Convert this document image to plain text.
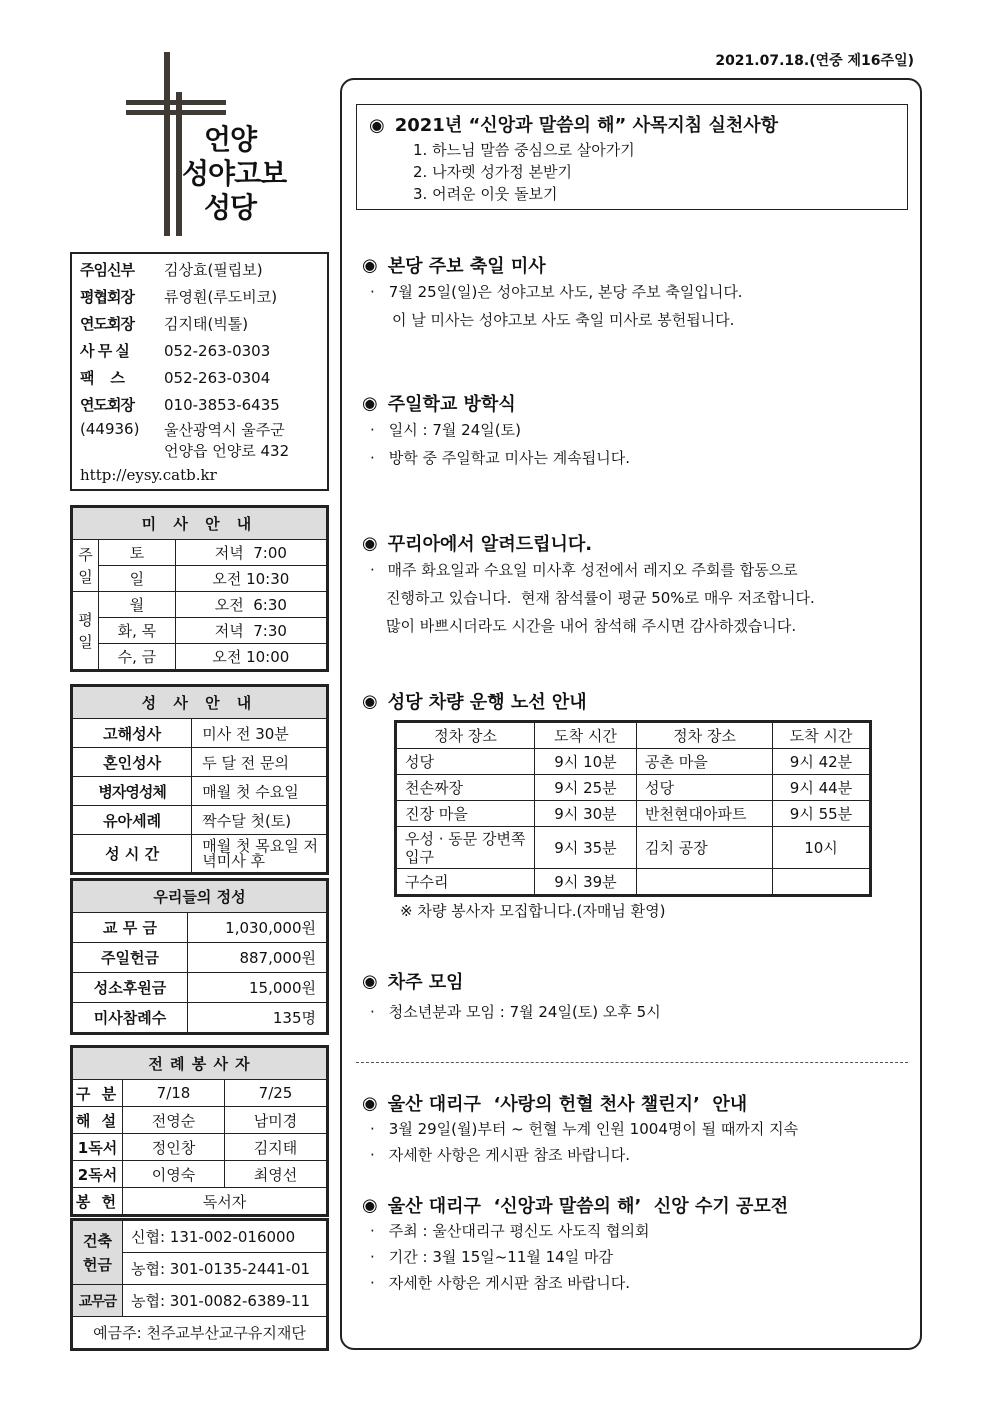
2021.07.18.(연중 제16주일)
언양
성야고보
성당
주임신부	김상효(필립보)
평협회장	류영훤(루도비코)
연도회장	김지태(빅톨)
사 무 실	052-263-0303
팩    스	052-263-0304
연도회장	010-3853-6435
(44936)	울산광역시 울주군
언양읍 언양로 432
http://eysy.catb.kr
미 사 안 내		
주일	토	저녁  7:00
	일	오전 10:30
평일	월	오전  6:30
	화, 목	저녁  7:30
	수, 금	오전 10:00
성 사 안 내	
고해성사	미사 전 30분
혼인성사	두 달 전 문의
병자영성체	매월 첫 수요일
유아세례	짝수달 첫(토)
성 시 간	매월 첫 목요일 저녁미사 후
우리들의 정성	
교 무 금	1,030,000원
주일헌금	887,000원
성소후원금	15,000원
미사참례수	135명
전 례 봉 사 자		
구 분	7/18	7/25
해 설	전영순	남미경
1독서	정인창	김지태
2독서	이영숙	최영선
봉 헌	독서자	
건축헌금	신협: 131-002-016000
	농협: 301-0135-2441-01
교무금	농협: 301-0082-6389-11
예금주: 천주교부산교구유지재단	
◉ 2021년 “신앙과 말씀의 해” 사목지침 실천사항
1. 하느님 말씀 중심으로 살아가기
2. 나자렛 성가정 본받기
3. 어려운 이웃 돌보기
◉ 본당 주보 축일 미사
· 7월 25일(일)은 성야고보 사도, 본당 주보 축일입니다.
이 날 미사는 성야고보 사도 축일 미사로 봉헌됩니다.
◉ 주일학교 방학식
· 일시 : 7월 24일(토)
· 방학 중 주일학교 미사는 계속됩니다.
◉ 꾸리아에서 알려드립니다.
· 매주 화요일과 수요일 미사후 성전에서 레지오 주회를 합동으로
진행하고 있습니다.  현재 참석률이 평균 50%로 매우 저조합니다.
많이 바쁘시더라도 시간을 내어 참석해 주시면 감사하겠습니다.
◉ 성당 차량 운행 노선 안내
정차 장소	도착 시간	정차 장소	도착 시간
성당	9시 10분	공촌 마을	9시 42분
천손짜장	9시 25분	성당	9시 44분
진장 마을	9시 30분	반천현대아파트	9시 55분
우성 · 동문 강변쪽 입구	9시 35분	김치 공장	10시
구수리	9시 39분		
※ 차량 봉사자 모집합니다.(자매님 환영)
◉ 차주 모임
· 청소년분과 모임 : 7월 24일(토) 오후 5시
◉ 울산 대리구  ‘사랑의 헌혈 천사 챌린지’  안내
· 3월 29일(월)부터 ~ 헌혈 누계 인원 1004명이 될 때까지 지속
· 자세한 사항은 게시판 참조 바랍니다.
◉ 울산 대리구  ‘신앙과 말씀의 해’  신앙 수기 공모전
· 주최 : 울산대리구 평신도 사도직 협의회
· 기간 : 3월 15일~11월 14일 마감
· 자세한 사항은 게시판 참조 바랍니다.
